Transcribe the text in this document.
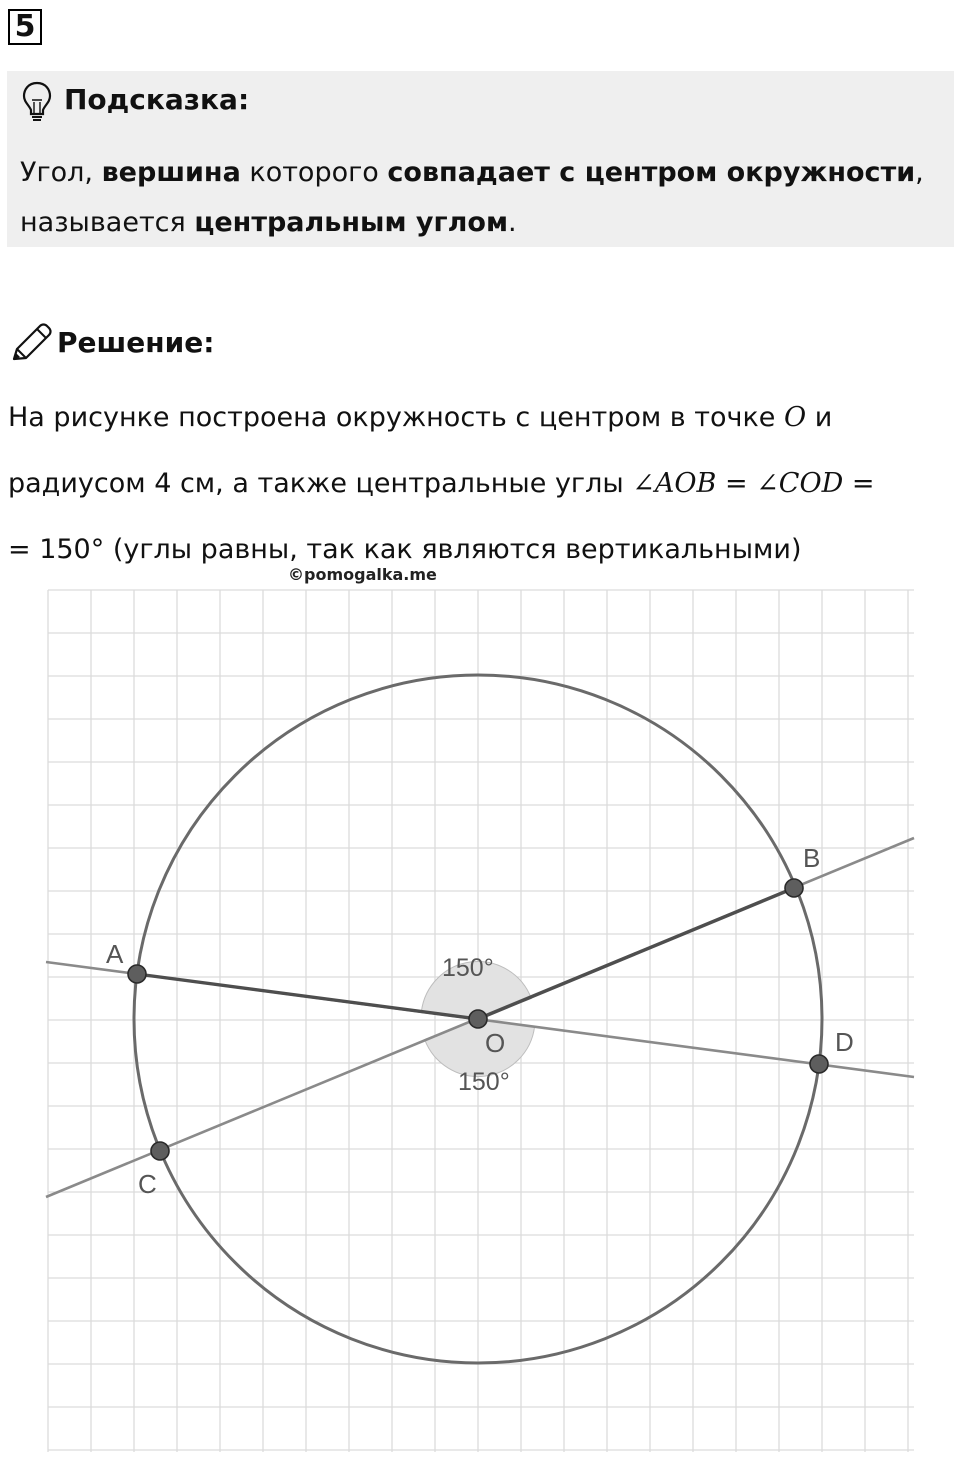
5
Подсказка:
Угол, вершина которого совпадает с центром окружности,
называется центральным углом.
Решение:
На рисунке построена окружность с центром в точке O и
радиусом 4 см, а также центральные углы ∠AOB = ∠COD =
= 150° (углы равны, так как являются вертикальными)
©pomogalka.me
A
B
C
D
O
150°
150°
